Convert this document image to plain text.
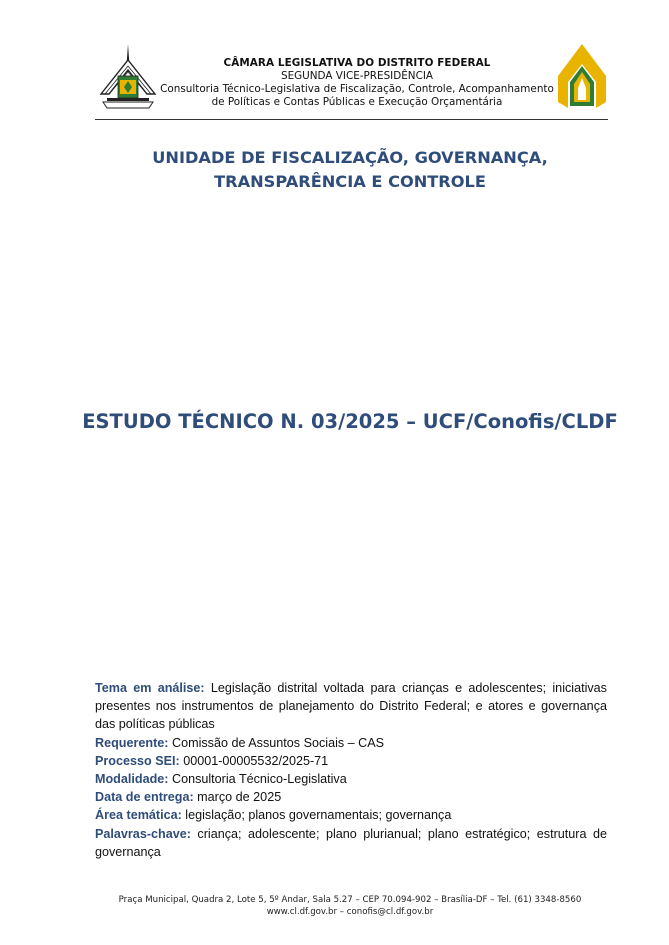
CÂMARA LEGISLATIVA DO DISTRITO FEDERAL
SEGUNDA VICE-PRESIDÊNCIA
Consultoria Técnico-Legislativa de Fiscalização, Controle, Acompanhamento
de Políticas e Contas Públicas e Execução Orçamentária
UNIDADE DE FISCALIZAÇÃO, GOVERNANÇA,
TRANSPARÊNCIA E CONTROLE
ESTUDO TÉCNICO N. 03/2025 – UCF/Conofis/CLDF

Tema em análise: Legislação distrital voltada para crianças e adolescentes; iniciativas presentes nos instrumentos de planejamento do Distrito Federal; e atores e governança das políticas públicas

Requerente: Comissão de Assuntos Sociais – CAS

Processo SEI: 00001-00005532/2025-71

Modalidade: Consultoria Técnico-Legislativa

Data de entrega: março de 2025

Área temática: legislação; planos governamentais; governança

Palavras-chave: criança; adolescente; plano plurianual; plano estratégico; estrutura de governança

Praça Municipal, Quadra 2, Lote 5, 5º Andar, Sala 5.27 – CEP 70.094-902 – Brasília-DF – Tel. (61) 3348-8560
www.cl.df.gov.br – conofis@cl.df.gov.br
